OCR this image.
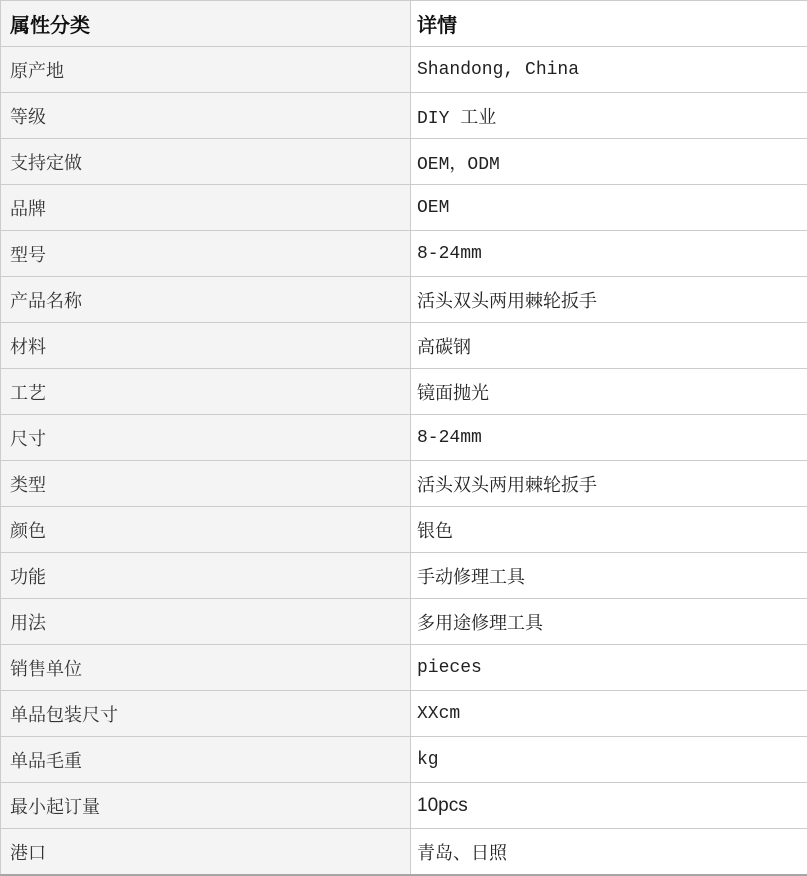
属性分类	详情
原产地	Shandong, China
等级	DIY 工业
支持定做	OEM，ODM
品牌	OEM
型号	8-24mm
产品名称	活头双头两用棘轮扳手
材料	高碳钢
工艺	镜面抛光
尺寸	8-24mm
类型	活头双头两用棘轮扳手
颜色	银色
功能	手动修理工具
用法	多用途修理工具
销售单位	pieces
单品包装尺寸	XXcm
单品毛重	kg
最小起订量	10pcs
港口	青岛、日照
